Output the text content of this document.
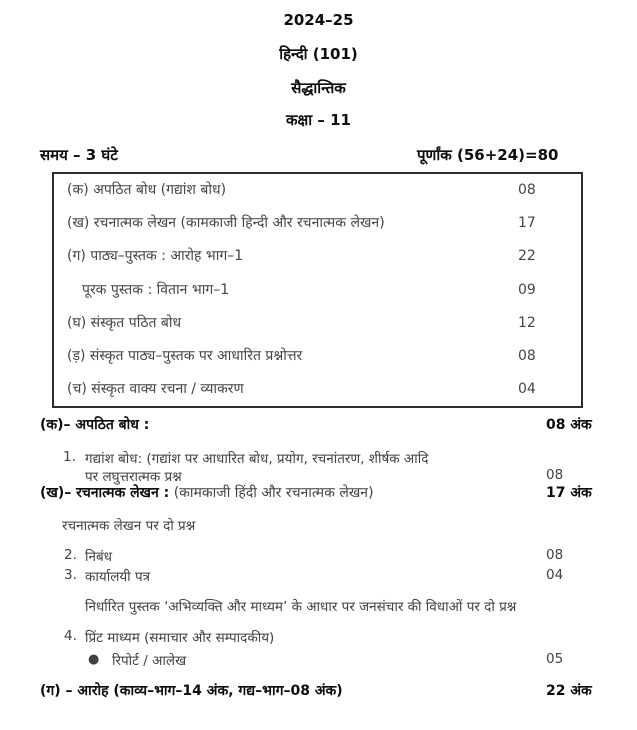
2024–25
हिन्दी (101)
सैद्धान्तिक
कक्षा – 11
समय – 3 घंटे	पूर्णांक (56+24)=80
(क) अपठित बोध (गद्यांश बोध)	08
(ख) रचनात्मक लेखन (कामकाजी हिन्दी और रचनात्मक लेखन)	17
(ग) पाठ्य–पुस्तक : आरोह भाग–1	22
पूरक पुस्तक : वितान भाग–1	09
(घ) संस्कृत पठित बोध	12
(ड़) संस्कृत पाठ्य–पुस्तक पर आधारित प्रश्नोत्तर	08
(च) संस्कृत वाक्य रचना / व्याकरण	04
(क)– अपठित बोध :	08 अंक
1. गद्यांश बोध: (गद्यांश पर आधारित बोध, प्रयोग, रचनांतरण, शीर्षक आदि
पर लघुत्तरात्मक प्रश्न	08
(ख)– रचनात्मक लेखन : (कामकाजी हिंदी और रचनात्मक लेखन)	17 अंक
रचनात्मक लेखन पर दो प्रश्न
2. निबंध	08
3. कार्यालयी पत्र	04
निर्धारित पुस्तक ‘अभिव्यक्ति और माध्यम’ के आधार पर जनसंचार की विधाओं पर दो प्रश्न
4. प्रिंट माध्यम (समाचार और सम्पादकीय)
● रिपोर्ट / आलेख	05
(ग) – आरोह (काव्य–भाग–14 अंक, गद्य–भाग–08 अंक)	22 अंक
